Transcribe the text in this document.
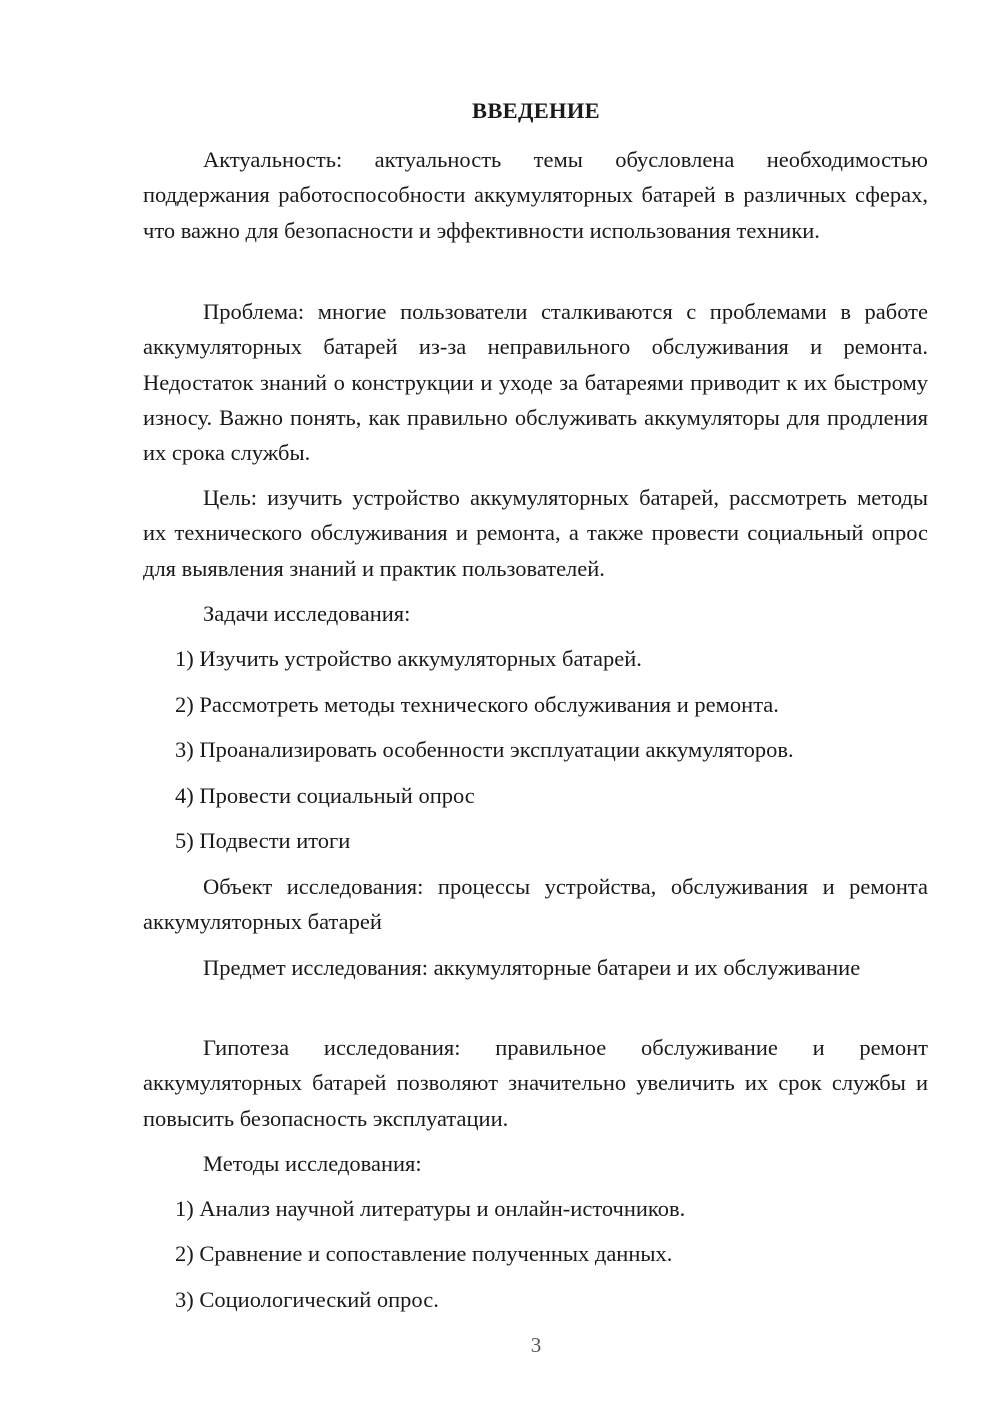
ВВЕДЕНИЕ

Актуальность: актуальность темы обусловлена необходимостью поддержания работоспособности аккумуляторных батарей в различных сферах, что важно для безопасности и эффективности использования техники.

Проблема: многие пользователи сталкиваются с проблемами в работе аккумуляторных батарей из-за неправильного обслуживания и ремонта. Недостаток знаний о конструкции и уходе за батареями приводит к их быстрому износу. Важно понять, как правильно обслуживать аккумуляторы для продления их срока службы.

Цель: изучить устройство аккумуляторных батарей, рассмотреть методы их технического обслуживания и ремонта, а также провести социальный опрос для выявления знаний и практик пользователей.

Задачи исследования:

1) Изучить устройство аккумуляторных батарей.

2) Рассмотреть методы технического обслуживания и ремонта.

3) Проанализировать особенности эксплуатации аккумуляторов.

4) Провести социальный опрос

5) Подвести итоги

Объект исследования: процессы устройства, обслуживания и ремонта аккумуляторных батарей

Предмет исследования: аккумуляторные батареи и их обслуживание

Гипотеза исследования: правильное обслуживание и ремонт аккумуляторных батарей позволяют значительно увеличить их срок службы и повысить безопасность эксплуатации.

Методы исследования:

1) Анализ научной литературы и онлайн-источников.

2) Сравнение и сопоставление полученных данных.

3) Социологический опрос.

3
